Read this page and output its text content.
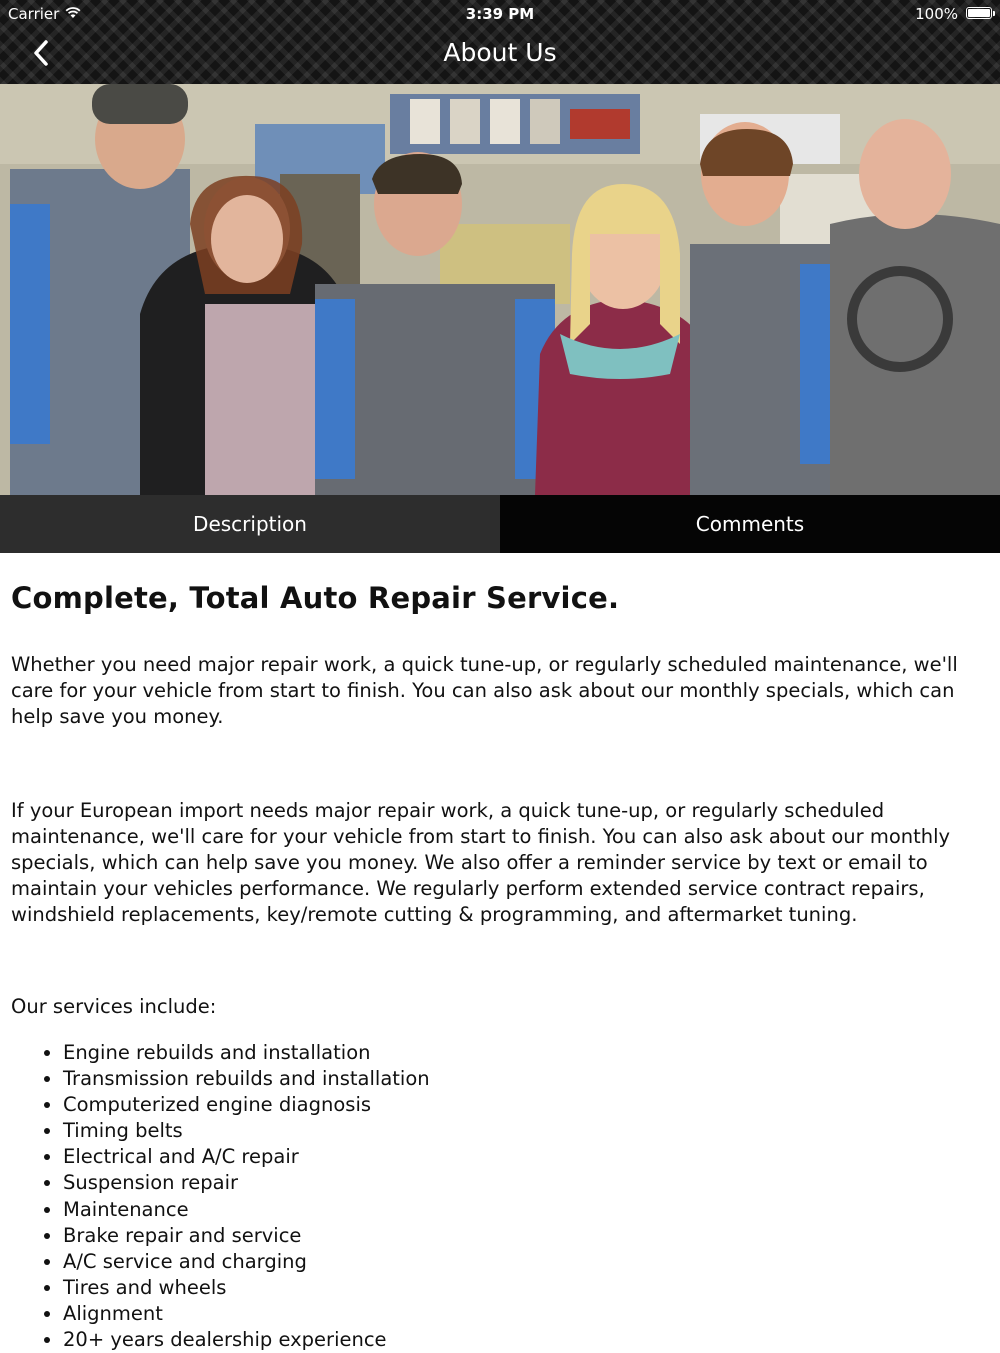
Carrier	3:39 PM	100%
About Us
Description	Comments
Complete, Total Auto Repair Service.

Whether you need major repair work, a quick tune-up, or regularly scheduled maintenance, we'll care for your vehicle from start to finish. You can also ask about our monthly specials, which can help save you money.

If your European import needs major repair work, a quick tune-up, or regularly scheduled maintenance, we'll care for your vehicle from start to finish. You can also ask about our monthly specials, which can help save you money. We also offer a reminder service by text or email to maintain your vehicles performance. We regularly perform extended service contract repairs, windshield replacements, key/remote cutting & programming, and aftermarket tuning.

Our services include:

• Engine rebuilds and installation
• Transmission rebuilds and installation
• Computerized engine diagnosis
• Timing belts
• Electrical and A/C repair
• Suspension repair
• Maintenance
• Brake repair and service
• A/C service and charging
• Tires and wheels
• Alignment
• 20+ years dealership experience
